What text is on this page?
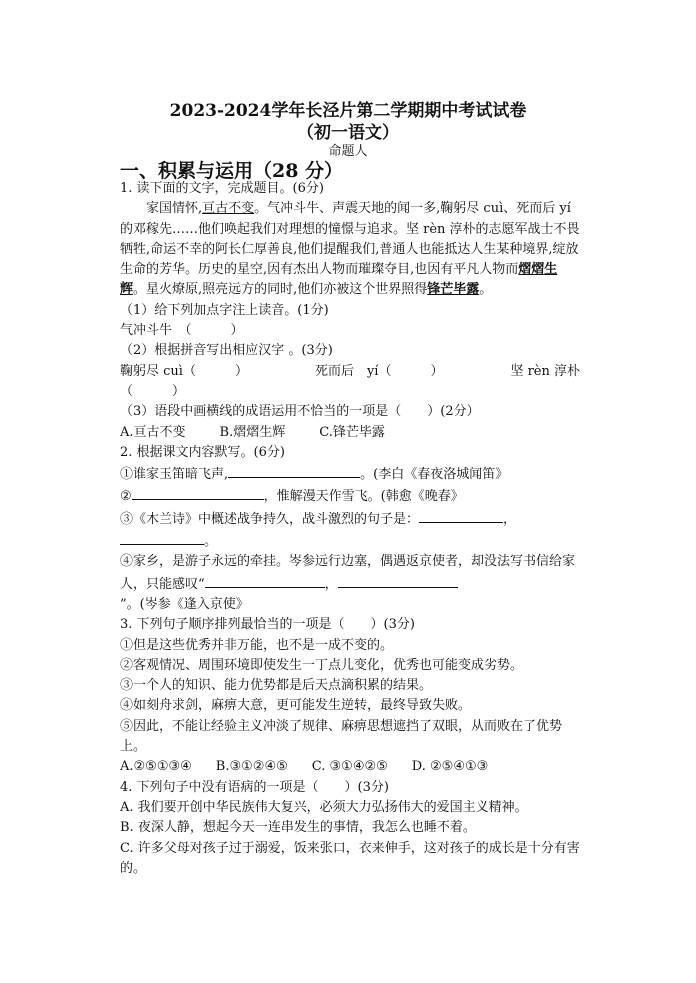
2023-2024学年长泾片第二学期期中考试试卷
（初一语文）
命题人
一、积累与运用（28 分）

1. 读下面的文字，完成题目。(6分)

家国情怀,亘古不变。气冲斗牛、声震天地的闻一多,鞠躬尽 cuì、死而后 yí 的邓稼先……他们唤起我们对理想的憧憬与追求。坚 rèn 淳朴的志愿军战士不畏牺牲,命运不幸的阿长仁厚善良,他们提醒我们,普通人也能抵达人生某种境界,绽放生命的芳华。历史的星空,因有杰出人物而璀璨夺目,也因有平凡人物而熠熠生辉。星火燎原,照亮远方的同时,他们亦被这个世界照得锋芒毕露。

（1）给下列加点字注上读音。(1分)

气冲斗牛　（　　　）

（2）根据拼音写出相应汉字 。(3分)

鞠躬尽 cuì（　　　）	死而后　yí（　　　）	坚 rèn 淳朴

（　　　）

（3）语段中画横线的成语运用不恰当的一项是（　　）(2分）

A.亘古不变	B.熠熠生辉	C.锋芒毕露

2. 根据课文内容默写。(6分)

①谁家玉笛暗飞声,	。(李白《春夜洛城闻笛》

②	，惟解漫天作雪飞。(韩愈《晚春》

③《木兰诗》中概述战争持久，战斗激烈的句子是：	，

。

④家乡，是游子永远的牵挂。岑参远行边塞，偶遇返京使者，却没法写书信给家人，只能感叹“	，”。(岑参《逢入京使》

3. 下列句子顺序排列最恰当的一项是（　　）(3分)

①但是这些优秀并非万能，也不是一成不变的。

②客观情况、周围环境即使发生一丁点儿变化，优秀也可能变成劣势。

③一个人的知识、能力优势都是后天点滴积累的结果。

④如刻舟求剑，麻痹大意，更可能发生逆转，最终导致失败。

⑤因此，不能让经验主义冲淡了规律、麻痹思想遮挡了双眼，从而败在了优势上。

A.②⑤①③④ B.③①②④⑤ C. ③①④②⑤ D. ②⑤④①③

4. 下列句子中没有语病的一项是（　　）(3分)

A. 我们要开创中华民族伟大复兴，必须大力弘扬伟大的爱国主义精神。

B. 夜深人静，想起今天一连串发生的事情，我怎么也睡不着。

C. 许多父母对孩子过于溺爱，饭来张口，衣来伸手，这对孩子的成长是十分有害的。
